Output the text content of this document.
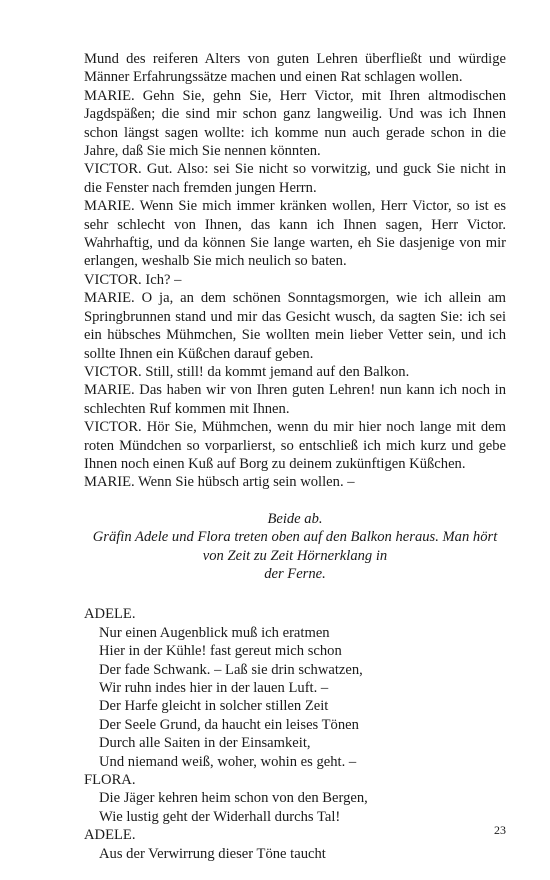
Mund des reiferen Alters von guten Lehren überfließt und würdige Männer Erfahrungssätze machen und einen Rat schlagen wollen.

MARIE. Gehn Sie, gehn Sie, Herr Victor, mit Ihren altmodischen Jagdspäßen; die sind mir schon ganz langweilig. Und was ich Ihnen schon längst sagen wollte: ich komme nun auch gerade schon in die Jahre, daß Sie mich Sie nennen könnten.

VICTOR. Gut. Also: sei Sie nicht so vorwitzig, und guck Sie nicht in die Fenster nach fremden jungen Herrn.

MARIE. Wenn Sie mich immer kränken wollen, Herr Victor, so ist es sehr schlecht von Ihnen, das kann ich Ihnen sagen, Herr Victor. Wahrhaftig, und da können Sie lange warten, eh Sie dasjenige von mir erlangen, weshalb Sie mich neulich so baten.

VICTOR. Ich? –

MARIE. O ja, an dem schönen Sonntagsmorgen, wie ich allein am Springbrunnen stand und mir das Gesicht wusch, da sagten Sie: ich sei ein hübsches Mühmchen, Sie wollten mein lieber Vetter sein, und ich sollte Ihnen ein Küßchen darauf geben.

VICTOR. Still, still! da kommt jemand auf den Balkon.

MARIE. Das haben wir von Ihren guten Lehren! nun kann ich noch in schlechten Ruf kommen mit Ihnen.

VICTOR. Hör Sie, Mühmchen, wenn du mir hier noch lange mit dem roten Mündchen so vorparlierst, so entschließ ich mich kurz und gebe Ihnen noch einen Kuß auf Borg zu deinem zukünftigen Küßchen.

MARIE. Wenn Sie hübsch artig sein wollen. –

Beide ab.
Gräfin Adele und Flora treten oben auf den Balkon heraus. Man hört
von Zeit zu Zeit Hörnerklang in
der Ferne.
ADELE.
Nur einen Augenblick muß ich eratmen
Hier in der Kühle! fast gereut mich schon
Der fade Schwank. – Laß sie drin schwatzen,
Wir ruhn indes hier in der lauen Luft. –
Der Harfe gleicht in solcher stillen Zeit
Der Seele Grund, da haucht ein leises Tönen
Durch alle Saiten in der Einsamkeit,
Und niemand weiß, woher, wohin es geht. –
FLORA.
Die Jäger kehren heim schon von den Bergen,
Wie lustig geht der Widerhall durchs Tal!
ADELE.
Aus der Verwirrung dieser Töne taucht
23
